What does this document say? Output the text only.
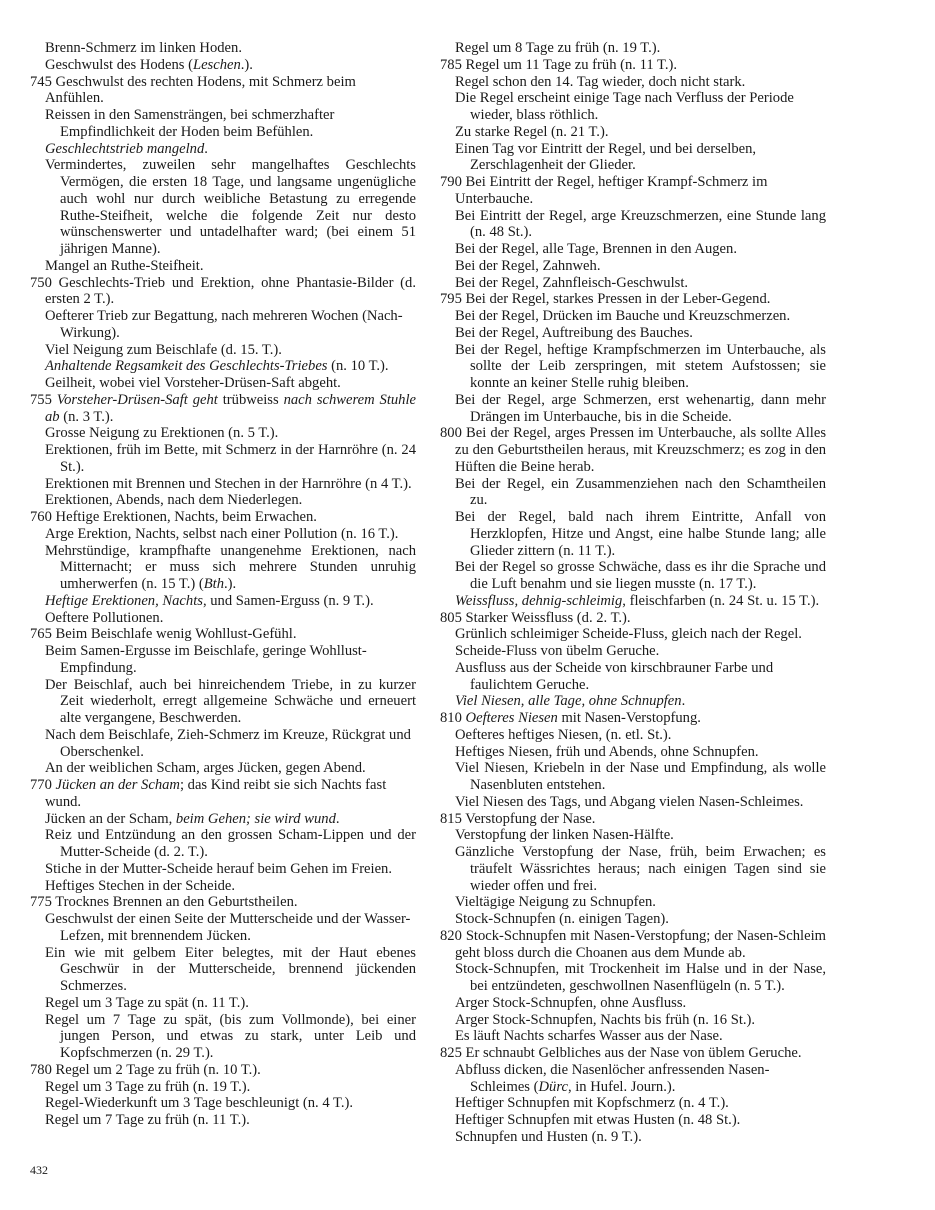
Brenn-Schmerz im linken Hoden.

Geschwulst des Hodens (Leschen.).

745 Geschwulst des rechten Hodens, mit Schmerz beim Anfühlen.

Reissen in den Samensträngen, bei schmerzhafter Empfindlichkeit der Hoden beim Befühlen.

Geschlechtstrieb mangelnd.

Vermindertes, zuweilen sehr mangelhaftes Geschlechts Vermögen, die ersten 18 Tage, und langsame ungenügliche auch wohl nur durch weibliche Betastung zu erregende Ruthe-Steifheit, welche die folgende Zeit nur desto wünschenswerter und untadelhafter ward; (bei einem 51 jährigen Manne).

Mangel an Ruthe-Steifheit.

750 Geschlechts-Trieb und Erektion, ohne Phantasie-Bilder (d. ersten 2 T.).

Oefterer Trieb zur Begattung, nach mehreren Wochen (Nach-Wirkung).

Viel Neigung zum Beischlafe (d. 15. T.).

Anhaltende Regsamkeit des Geschlechts-Triebes (n. 10 T.).

Geilheit, wobei viel Vorsteher-Drüsen-Saft abgeht.

755 Vorsteher-Drüsen-Saft geht trübweiss nach schwerem Stuhle ab (n. 3 T.).

Grosse Neigung zu Erektionen (n. 5 T.).

Erektionen, früh im Bette, mit Schmerz in der Harnröhre (n. 24 St.).

Erektionen mit Brennen und Stechen in der Harnröhre (n 4 T.).

Erektionen, Abends, nach dem Niederlegen.

760 Heftige Erektionen, Nachts, beim Erwachen.

Arge Erektion, Nachts, selbst nach einer Pollution (n. 16 T.).

Mehrstündige, krampfhafte unangenehme Erektionen, nach Mitternacht; er muss sich mehrere Stunden unruhig umherwerfen (n. 15 T.) (Bth.).

Heftige Erektionen, Nachts, und Samen-Erguss (n. 9 T.).

Oeftere Pollutionen.

765 Beim Beischlafe wenig Wohllust-Gefühl.

Beim Samen-Ergusse im Beischlafe, geringe Wohllust-Empfindung.

Der Beischlaf, auch bei hinreichendem Triebe, in zu kurzer Zeit wiederholt, erregt allgemeine Schwäche und erneuert alte vergangene, Beschwerden.

Nach dem Beischlafe, Zieh-Schmerz im Kreuze, Rückgrat und Oberschenkel.

An der weiblichen Scham, arges Jücken, gegen Abend.

770 Jücken an der Scham; das Kind reibt sie sich Nachts fast wund.

Jücken an der Scham, beim Gehen; sie wird wund.

Reiz und Entzündung an den grossen Scham-Lippen und der Mutter-Scheide (d. 2. T.).

Stiche in der Mutter-Scheide herauf beim Gehen im Freien.

Heftiges Stechen in der Scheide.

775 Trocknes Brennen an den Geburtstheilen.

Geschwulst der einen Seite der Mutterscheide und der Wasser-Lefzen, mit brennendem Jücken.

Ein wie mit gelbem Eiter belegtes, mit der Haut ebenes Geschwür in der Mutterscheide, brennend jückenden Schmerzes.

Regel um 3 Tage zu spät (n. 11 T.).

Regel um 7 Tage zu spät, (bis zum Vollmonde), bei einer jungen Person, und etwas zu stark, unter Leib und Kopfschmerzen (n. 29 T.).

780 Regel um 2 Tage zu früh (n. 10 T.).

Regel um 3 Tage zu früh (n. 19 T.).

Regel-Wiederkunft um 3 Tage beschleunigt (n. 4 T.).

Regel um 7 Tage zu früh (n. 11 T.).

Regel um 8 Tage zu früh (n. 19 T.).

785 Regel um 11 Tage zu früh (n. 11 T.).

Regel schon den 14. Tag wieder, doch nicht stark.

Die Regel erscheint einige Tage nach Verfluss der Periode wieder, blass röthlich.

Zu starke Regel (n. 21 T.).

Einen Tag vor Eintritt der Regel, und bei derselben, Zerschlagenheit der Glieder.

790 Bei Eintritt der Regel, heftiger Krampf-Schmerz im Unterbauche.

Bei Eintritt der Regel, arge Kreuzschmerzen, eine Stunde lang (n. 48 St.).

Bei der Regel, alle Tage, Brennen in den Augen.

Bei der Regel, Zahnweh.

Bei der Regel, Zahnfleisch-Geschwulst.

795 Bei der Regel, starkes Pressen in der Leber-Gegend.

Bei der Regel, Drücken im Bauche und Kreuzschmerzen.

Bei der Regel, Auftreibung des Bauches.

Bei der Regel, heftige Krampfschmerzen im Unterbauche, als sollte der Leib zerspringen, mit stetem Aufstossen; sie konnte an keiner Stelle ruhig bleiben.

Bei der Regel, arge Schmerzen, erst wehenartig, dann mehr Drängen im Unterbauche, bis in die Scheide.

800 Bei der Regel, arges Pressen im Unterbauche, als sollte Alles zu den Geburtstheilen heraus, mit Kreuzschmerz; es zog in den Hüften die Beine herab.

Bei der Regel, ein Zusammenziehen nach den Schamtheilen zu.

Bei der Regel, bald nach ihrem Eintritte, Anfall von Herzklopfen, Hitze und Angst, eine halbe Stunde lang; alle Glieder zittern (n. 11 T.).

Bei der Regel so grosse Schwäche, dass es ihr die Sprache und die Luft benahm und sie liegen musste (n. 17 T.).

Weissfluss, dehnig-schleimig, fleischfarben (n. 24 St. u. 15 T.).

805 Starker Weissfluss (d. 2. T.).

Grünlich schleimiger Scheide-Fluss, gleich nach der Regel.

Scheide-Fluss von übelm Geruche.

Ausfluss aus der Scheide von kirschbrauner Farbe und faulichtem Geruche.

Viel Niesen, alle Tage, ohne Schnupfen.

810 Oefteres Niesen mit Nasen-Verstopfung.

Oefteres heftiges Niesen, (n. etl. St.).

Heftiges Niesen, früh und Abends, ohne Schnupfen.

Viel Niesen, Kriebeln in der Nase und Empfindung, als wolle Nasenbluten entstehen.

Viel Niesen des Tags, und Abgang vielen Nasen-Schleimes.

815 Verstopfung der Nase.

Verstopfung der linken Nasen-Hälfte.

Gänzliche Verstopfung der Nase, früh, beim Erwachen; es träufelt Wässrichtes heraus; nach einigen Tagen sind sie wieder offen und frei.

Vieltägige Neigung zu Schnupfen.

Stock-Schnupfen (n. einigen Tagen).

820 Stock-Schnupfen mit Nasen-Verstopfung; der Nasen-Schleim geht bloss durch die Choanen aus dem Munde ab.

Stock-Schnupfen, mit Trockenheit im Halse und in der Nase, bei entzündeten, geschwollnen Nasenflügeln (n. 5 T.).

Arger Stock-Schnupfen, ohne Ausfluss.

Arger Stock-Schnupfen, Nachts bis früh (n. 16 St.).

Es läuft Nachts scharfes Wasser aus der Nase.

825 Er schnaubt Gelbliches aus der Nase von üblem Geruche.

Abfluss dicken, die Nasenlöcher anfressenden Nasen-Schleimes (Dürc, in Hufel. Journ.).

Heftiger Schnupfen mit Kopfschmerz (n. 4 T.).

Heftiger Schnupfen mit etwas Husten (n. 48 St.).

Schnupfen und Husten (n. 9 T.).

432
